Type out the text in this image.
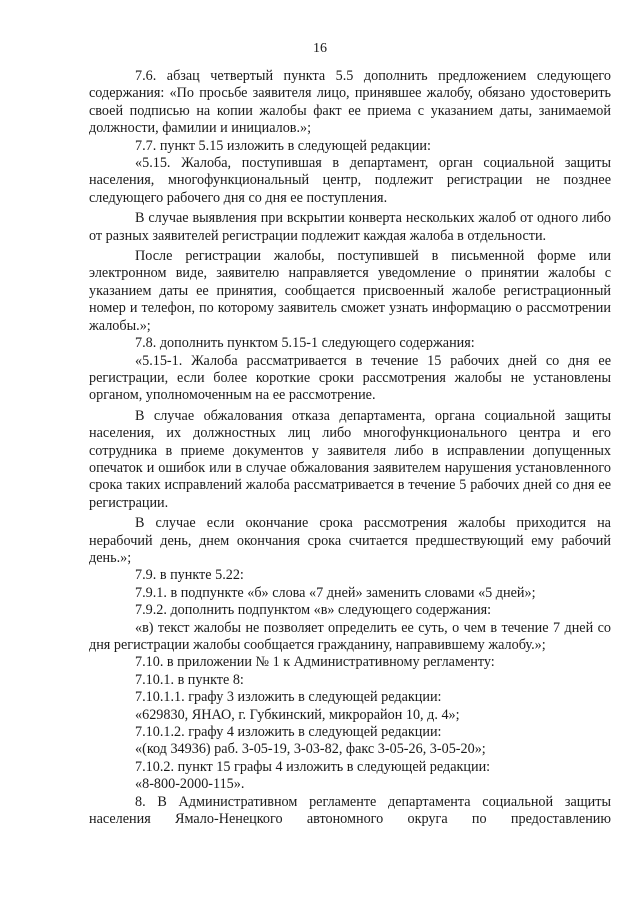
16

7.6. абзац четвертый пункта 5.5 дополнить предложением следующего содержания: «По просьбе заявителя лицо, принявшее жалобу, обязано удостоверить своей подписью на копии жалобы факт ее приема с указанием даты, занимаемой должности, фамилии и инициалов.»;

7.7. пункт 5.15 изложить в следующей редакции:

«5.15. Жалоба, поступившая в департамент, орган социальной защиты населения, многофункциональный центр, подлежит регистрации не позднее следующего рабочего дня со дня ее поступления.

В случае выявления при вскрытии конверта нескольких жалоб от одного либо от разных заявителей регистрации подлежит каждая жалоба в отдельности.

После регистрации жалобы, поступившей в письменной форме или электронном виде, заявителю направляется уведомление о принятии жалобы с указанием даты ее принятия, сообщается присвоенный жалобе регистрационный номер и телефон, по которому заявитель сможет узнать информацию о рассмотрении жалобы.»;

7.8. дополнить пунктом 5.15-1 следующего содержания:

«5.15-1. Жалоба рассматривается в течение 15 рабочих дней со дня ее регистрации, если более короткие сроки рассмотрения жалобы не установлены органом, уполномоченным на ее рассмотрение.

В случае обжалования отказа департамента, органа социальной защиты населения, их должностных лиц либо многофункционального центра и его сотрудника в приеме документов у заявителя либо в исправлении допущенных опечаток и ошибок или в случае обжалования заявителем нарушения установленного срока таких исправлений жалоба рассматривается в течение 5 рабочих дней со дня ее регистрации.

В случае если окончание срока рассмотрения жалобы приходится на нерабочий день, днем окончания срока считается предшествующий ему рабочий день.»;

7.9. в пункте 5.22:

7.9.1. в подпункте «б» слова «7 дней» заменить словами «5 дней»;

7.9.2. дополнить подпунктом «в» следующего содержания:

«в) текст жалобы не позволяет определить ее суть, о чем в течение 7 дней со дня регистрации жалобы сообщается гражданину, направившему жалобу.»;

7.10. в приложении № 1 к Административному регламенту:

7.10.1. в пункте 8:

7.10.1.1. графу 3 изложить в следующей редакции:

«629830, ЯНАО, г. Губкинский, микрорайон 10, д. 4»;

7.10.1.2. графу 4 изложить в следующей редакции:

«(код 34936) раб. 3-05-19, 3-03-82, факс 3-05-26, 3-05-20»;

7.10.2. пункт 15 графы 4 изложить в следующей редакции:

«8-800-2000-115».

8. В Административном регламенте департамента социальной защиты населения Ямало-Ненецкого автономного округа по предоставлению
